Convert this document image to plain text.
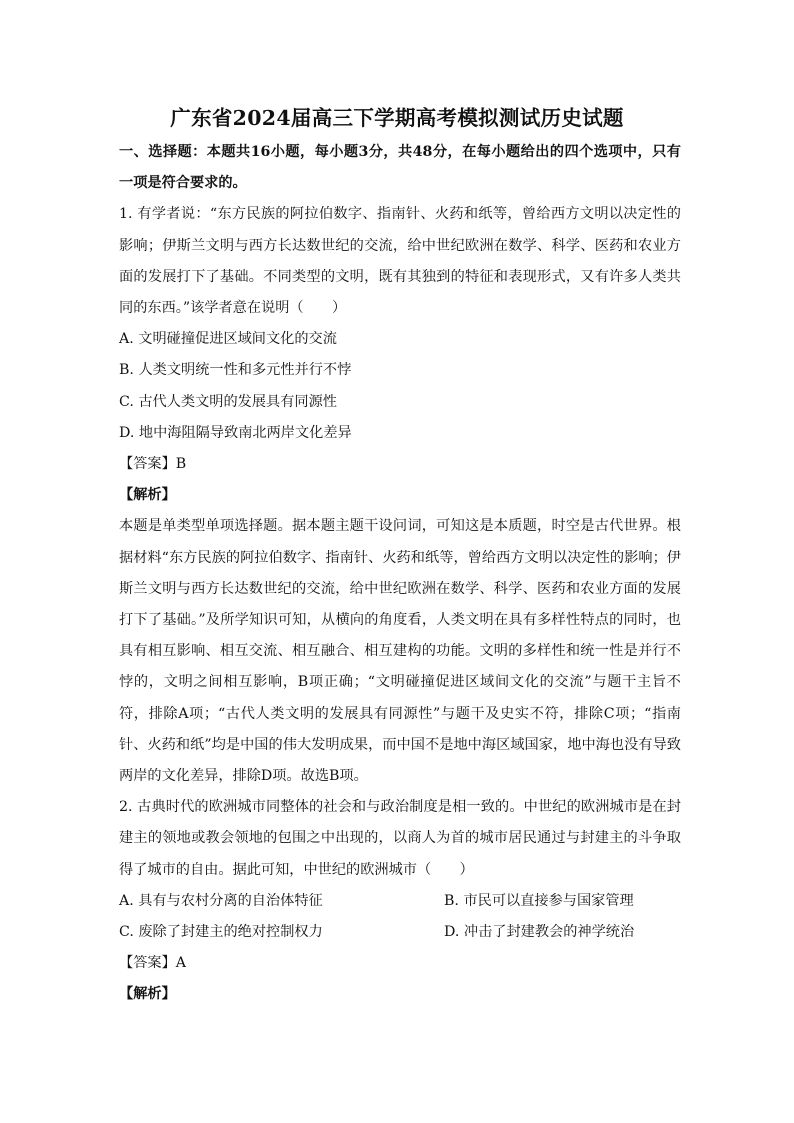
广东省2024届高三下学期高考模拟测试历史试题
一、选择题：本题共16小题，每小题3分，共48分，在每小题给出的四个选项中，只有
一项是符合要求的。
1. 有学者说：“东方民族的阿拉伯数字、指南针、火药和纸等，曾给西方文明以决定性的
影响；伊斯兰文明与西方长达数世纪的交流，给中世纪欧洲在数学、科学、医药和农业方
面的发展打下了基础。不同类型的文明，既有其独到的特征和表现形式，又有许多人类共
同的东西。”该学者意在说明（　　）
A. 文明碰撞促进区域间文化的交流
B. 人类文明统一性和多元性并行不悖
C. 古代人类文明的发展具有同源性
D. 地中海阻隔导致南北两岸文化差异
【答案】B
【解析】
本题是单类型单项选择题。据本题主题干设问词，可知这是本质题，时空是古代世界。根
据材料“东方民族的阿拉伯数字、指南针、火药和纸等，曾给西方文明以决定性的影响；伊
斯兰文明与西方长达数世纪的交流，给中世纪欧洲在数学、科学、医药和农业方面的发展
打下了基础。”及所学知识可知，从横向的角度看，人类文明在具有多样性特点的同时，也
具有相互影响、相互交流、相互融合、相互建构的功能。文明的多样性和统一性是并行不
悖的，文明之间相互影响，B项正确；“文明碰撞促进区域间文化的交流”与题干主旨不
符，排除A项；“古代人类文明的发展具有同源性”与题干及史实不符，排除C项；“指南
针、火药和纸”均是中国的伟大发明成果，而中国不是地中海区域国家，地中海也没有导致
两岸的文化差异，排除D项。故选B项。
2. 古典时代的欧洲城市同整体的社会和与政治制度是相一致的。中世纪的欧洲城市是在封
建主的领地或教会领地的包围之中出现的，以商人为首的城市居民通过与封建主的斗争取
得了城市的自由。据此可知，中世纪的欧洲城市（　　）
A. 具有与农村分离的自治体特征	B. 市民可以直接参与国家管理
C. 废除了封建主的绝对控制权力	D. 冲击了封建教会的神学统治
【答案】A
【解析】
